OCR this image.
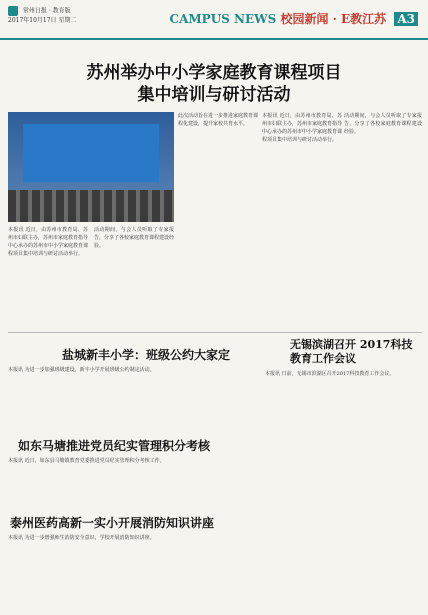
常州日报 · 教育版
2017年10月17日 星期二	CAMPUS NEWS 校园新闻 · E教江苏 A3
苏州举办中小学家庭教育课程项目
集中培训与研讨活动
本报讯 近日，由苏州市教育局、苏州市妇联主办，苏州市家庭教育指导中心承办的苏州市中小学家庭教育课程项目集中培训与研讨活动举行。
活动期间，与会人员听取了专家报告，分享了各校家庭教育课程建设经验。
此次活动旨在进一步推进家庭教育课程化建设，提升家校共育水平。
本报讯 近日，由苏州市教育局、苏州市妇联主办，苏州市家庭教育指导中心承办的苏州市中小学家庭教育课程项目集中培训与研讨活动举行。
活动期间，与会人员听取了专家报告，分享了各校家庭教育课程建设经验。
盐城新丰小学：班级公约大家定
本报讯 为进一步加强班级建设，新丰小学开展班级公约制定活动。
无锡滨湖召开 2017科技教育工作会议
本报讯 日前，无锡市滨湖区召开2017科技教育工作会议。
如东马塘推进党员纪实管理积分考核
本报讯 近日，如东县马塘镇教育党委推进党员纪实管理积分考核工作。
泰州医药高新一实小开展消防知识讲座
本报讯 为进一步增强师生消防安全意识，学校开展消防知识讲座。
